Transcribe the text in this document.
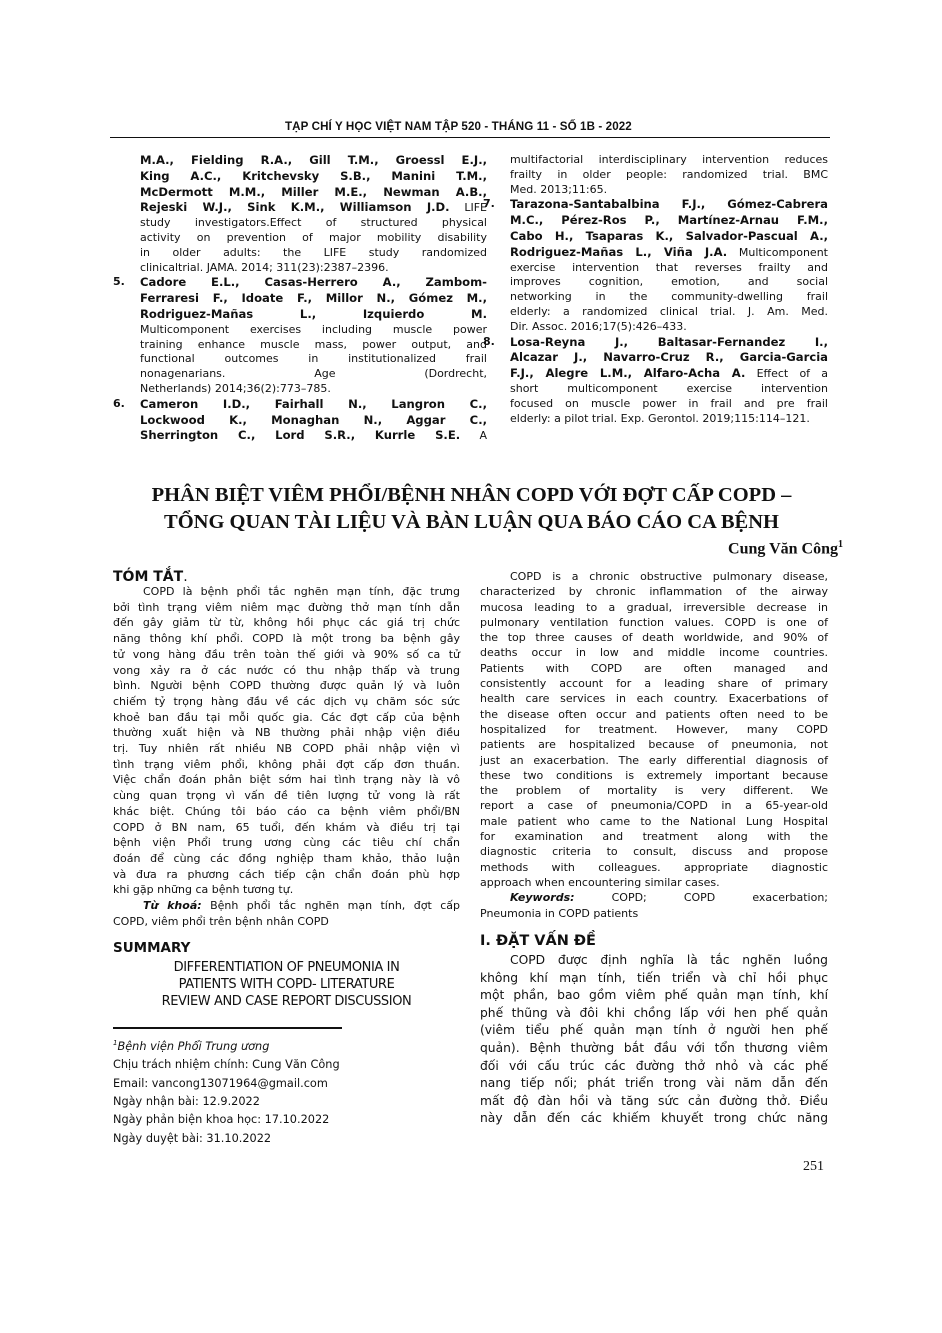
TẠP CHÍ Y HỌC VIỆT NAM TẬP 520 - THÁNG 11 - SỐ 1B - 2022
M.A., Fielding R.A., Gill T.M., Groessl E.J.,
King A.C., Kritchevsky S.B., Manini T.M.,
McDermott M.M., Miller M.E., Newman A.B.,
Rejeski W.J., Sink K.M., Williamson J.D. LIFE
study investigators.Effect of structured physical
activity on prevention of major mobility disability
in older adults: the LIFE study randomized
clinicaltrial. JAMA. 2014; 311(23):2387–2396.
5. Cadore E.L., Casas-Herrero A., Zambom-
Ferraresi F., Idoate F., Millor N., Gómez M.,
Rodriguez-Mañas L., Izquierdo M.
Multicomponent exercises including muscle power
training enhance muscle mass, power output, and
functional outcomes in institutionalized frail
nonagenarians. Age (Dordrecht,
Netherlands) 2014;36(2):773–785.
6. Cameron I.D., Fairhall N., Langron C.,
Lockwood K., Monaghan N., Aggar C.,
Sherrington C., Lord S.R., Kurrle S.E. A
multifactorial interdisciplinary intervention reduces
frailty in older people: randomized trial. BMC
Med. 2013;11:65.
7. Tarazona-Santabalbina F.J., Gómez-Cabrera
M.C., Pérez-Ros P., Martínez-Arnau F.M.,
Cabo H., Tsaparas K., Salvador-Pascual A.,
Rodriguez-Mañas L., Viña J.A. Multicomponent
exercise intervention that reverses frailty and
improves cognition, emotion, and social
networking in the community-dwelling frail
elderly: a randomized clinical trial. J. Am. Med.
Dir. Assoc. 2016;17(5):426–433.
8. Losa-Reyna J., Baltasar-Fernandez I.,
Alcazar J., Navarro-Cruz R., Garcia-Garcia
F.J., Alegre L.M., Alfaro-Acha A. Effect of a
short multicomponent exercise intervention
focused on muscle power in frail and pre frail
elderly: a pilot trial. Exp. Gerontol. 2019;115:114–121.
PHÂN BIỆT VIÊM PHỔI/BỆNH NHÂN COPD VỚI ĐỢT CẤP COPD –
TỔNG QUAN TÀI LIỆU VÀ BÀN LUẬN QUA BÁO CÁO CA BỆNH
Cung Văn Công$^1$
TÓM TẮT.
COPD là bệnh phổi tắc nghẽn mạn tính, đặc trưng
bởi tình trạng viêm niêm mạc đường thở mạn tính dẫn
đến gây giảm từ từ, không hồi phục các giá trị chức
năng thông khí phổi. COPD là một trong ba bệnh gây
tử vong hàng đầu trên toàn thế giới và 90% số ca tử
vong xảy ra ở các nước có thu nhập thấp và trung
bình. Người bệnh COPD thường được quản lý và luôn
chiếm tỷ trọng hàng đầu về các dịch vụ chăm sóc sức
khoẻ ban đầu tại mỗi quốc gia. Các đợt cấp của bệnh
thường xuất hiện và NB thường phải nhập viện điều
trị. Tuy nhiên rất nhiều NB COPD phải nhập viện vì
tình trạng viêm phổi, không phải đợt cấp đơn thuần.
Việc chẩn đoán phân biệt sớm hai tình trạng này là vô
cùng quan trọng vì vấn đề tiên lượng tử vong là rất
khác biệt. Chúng tôi báo cáo ca bệnh viêm phổi/BN
COPD ở BN nam, 65 tuổi, đến khám và điều trị tại
bệnh viện Phổi trung ương cùng các tiêu chí chẩn
đoán để cùng các đồng nghiệp tham khảo, thảo luận
và đưa ra phương cách tiếp cận chẩn đoán phù hợp
khi gặp những ca bệnh tương tự.
Từ khoá: Bệnh phổi tắc nghẽn mạn tính, đợt cấp
COPD, viêm phổi trên bệnh nhân COPD
COPD is a chronic obstructive pulmonary disease,
characterized by chronic inflammation of the airway
mucosa leading to a gradual, irreversible decrease in
pulmonary ventilation function values. COPD is one of
the top three causes of death worldwide, and 90% of
deaths occur in low and middle income countries.
Patients with COPD are often managed and
consistently account for a leading share of primary
health care services in each country. Exacerbations of
the disease often occur and patients often need to be
hospitalized for treatment. However, many COPD
patients are hospitalized because of pneumonia, not
just an exacerbation. The early differential diagnosis of
these two conditions is extremely important because
the problem of mortality is very different. We
report a case of pneumonia/COPD in a 65-year-old
male patient who came to the National Lung Hospital
for examination and treatment along with the
diagnostic criteria to consult, discuss and propose
methods with colleagues. appropriate diagnostic
approach when encountering similar cases.
Keywords: COPD; COPD exacerbation;
Pneumonia in COPD patients
SUMMARY
DIFFERENTIATION OF PNEUMONIA IN
PATIENTS WITH COPD- LITERATURE
REVIEW AND CASE REPORT DISCUSSION
$^1$Bệnh viện Phổi Trung ương
Chịu trách nhiệm chính: Cung Văn Công
Email: vancong13071964@gmail.com
Ngày nhận bài: 12.9.2022
Ngày phản biện khoa học: 17.10.2022
Ngày duyệt bài: 31.10.2022
I. ĐẶT VẤN ĐỀ
COPD được định nghĩa là tắc nghẽn luồng
không khí mạn tính, tiến triển và chỉ hồi phục
một phần, bao gồm viêm phế quản mạn tính, khí
phế thũng và đôi khi chồng lấp với hen phế quản
(viêm tiểu phế quản mạn tính ở người hen phế
quản). Bệnh thường bắt đầu với tổn thương viêm
đối với cấu trúc các đường thở nhỏ và các phế
nang tiếp nối; phát triển trong vài năm dẫn đến
mất độ đàn hồi và tăng sức cản đường thở. Điều
này dẫn đến các khiếm khuyết trong chức năng
251
